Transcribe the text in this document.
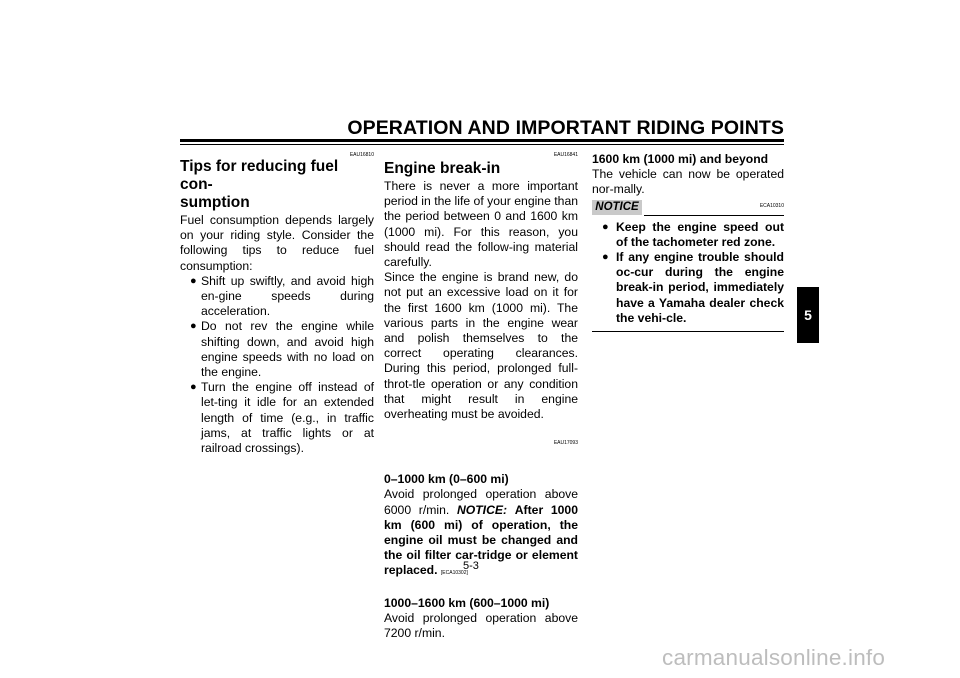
OPERATION AND IMPORTANT RIDING POINTS
5
EAU16810
Tips for reducing fuel con-
sumption

Fuel consumption depends largely on your riding style. Consider the following tips to reduce fuel consumption:

● Shift up swiftly, and avoid high en-gine speeds during acceleration.
● Do not rev the engine while shifting down, and avoid high engine speeds with no load on the engine.
● Turn the engine off instead of let-ting it idle for an extended length of time (e.g., in traffic jams, at traffic lights or at railroad crossings).
EAU16841
Engine break-in

There is never a more important period in the life of your engine than the period between 0 and 1600 km (1000 mi). For this reason, you should read the follow-ing material carefully.

Since the engine is brand new, do not put an excessive load on it for the first 1600 km (1000 mi). The various parts in the engine wear and polish themselves to the correct operating clearances. During this period, prolonged full-throt-tle operation or any condition that might result in engine overheating must be avoided.

EAU17093

0–1000 km (0–600 mi)

Avoid prolonged operation above 6000 r/min. NOTICE: After 1000 km (600 mi) of operation, the engine oil must be changed and the oil filter car-tridge or element replaced. [ECA10302]

1000–1600 km (600–1000 mi)

Avoid prolonged operation above 7200 r/min.

1600 km (1000 mi) and beyond

The vehicle can now be operated nor-mally.

NOTICE	ECA10310
● Keep the engine speed out of the tachometer red zone.
● If any engine trouble should oc-cur during the engine break-in period, immediately have a Yamaha dealer check the vehi-cle.
5-3
carmanualsonline.info
